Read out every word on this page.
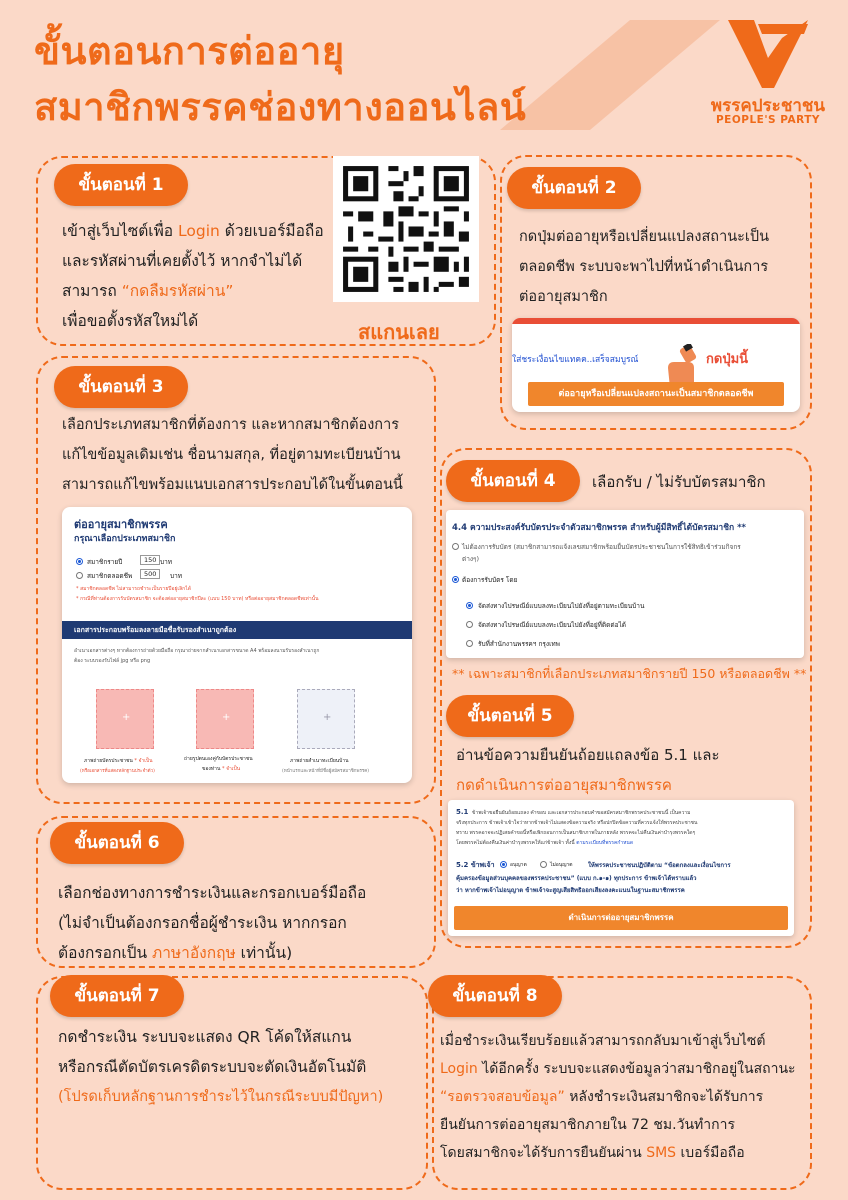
ขั้นตอนการต่ออายุ
สมาชิกพรรคช่องทางออนไลน์	พรรคประชาชน
PEOPLE'S PARTY
ขั้นตอนที่ 1
เข้าสู่เว็บไซต์เพื่อ Login ด้วยเบอร์มือถือ
และรหัสผ่านที่เคยตั้งไว้ หากจำไม่ได้
สามารถ “กดลืมรหัสผ่าน”
เพื่อขอตั้งรหัสใหม่ได้	สแกนเลย
ขั้นตอนที่ 2
กดปุ่มต่ออายุหรือเปลี่ยนแปลงสถานะเป็น
ตลอดชีพ ระบบจะพาไปที่หน้าดำเนินการ
ต่ออายุสมาชิก
ใส่ชระเงื่อนไขแทคค..เสร็จสมบูรณ์	กดปุ่มนี้
ต่ออายุหรือเปลี่ยนแปลงสถานะเป็นสมาชิกตลอดชีพ
ขั้นตอนที่ 3
เลือกประเภทสมาชิกที่ต้องการ และหากสมาชิกต้องการ
แก้ไขข้อมูลเดิมเช่น ชื่อนามสกุล, ที่อยู่ตามทะเบียนบ้าน
สามารถแก้ไขพร้อมแนบเอกสารประกอบได้ในขั้นตอนนี้
ต่ออายุสมาชิกพรรค
กรุณาเลือกประเภทสมาชิก
สมาชิกรายปี	150 บาท
สมาชิกตลอดชีพ	500	บาท
* สมาชิกตลอดชีพ ไม่สามารถชำระเป็นรายปีอยู่เลิกได้
* กรณีที่ท่านต้องการรับบัตรสมาชิก จะต้องต่ออายุสมาชิกปีละ (แบบ 150 บาท) หรือต่ออายุสมาชิกตลอดชีพเท่านั้น
เอกสารประกอบพร้อมลงลายมือชื่อรับรองสำเนาถูกต้อง
อำเนาเอกสารต่างๆ หากต้องการถ่ายด้วยมือถือ กรุณาถ่ายจากสำเนาเอกสารขนาด A4 พร้อมลงนามรับรองสำเนาถูก
ต้อง ระบบรองรับไฟล์ jpg หรือ png
+	+	+
ภาพถ่ายบัตรประชาชน * จำเป็น
(หรือเอกสารที่แสดงหลักฐานประจำตัว)
ถ่ายรูปตนเองคู่กับบัตรประชาชน
ของท่าน * จำเป็น
ภาพถ่ายสำเนาทะเบียนบ้าน
(หน้าแรกและหน้าที่มีชื่อผู้สมัครสมาชิกพรรค)
ขั้นตอนที่ 4	เลือกรับ / ไม่รับบัตรสมาชิก
4.4 ความประสงค์รับบัตรประจำตัวสมาชิกพรรค สำหรับผู้มีสิทธิ์ได้บัตรสมาชิก **
ไม่ต้องการรับบัตร (สมาชิกสามารถแจ้งเลขสมาชิกพร้อมยื่นบัตรประชาชนในการใช้สิทธิเข้าร่วมกิจกร
ต่างๆ)
ต้องการรับบัตร โดย
จัดส่งทางไปรษณีย์แบบลงทะเบียนไปยังที่อยู่ตามทะเบียนบ้าน
จัดส่งทางไปรษณีย์แบบลงทะเบียนไปยังที่อยู่ที่ติดต่อได้
รับที่สำนักงานพรรคฯ กรุงเทพ
** เฉพาะสมาชิกที่เลือกประเภทสมาชิกรายปี 150 หรือตลอดชีพ **
ขั้นตอนที่ 5
อ่านข้อความยืนยันถ้อยแถลงข้อ 5.1 และ
กดดำเนินการต่ออายุสมาชิกพรรค
5.1 ข้าพเจ้าขอยืนยันถ้อยแถลง คำขอบ และเอกสารประกอบคำขอสมัครสมาชิกพรรคประชาชนนี้ เป็นความ
จริงทุกประการ ข้าพเจ้าเข้าใจว่าหากข้าพเจ้าไม่แสดงข้อความจริง หรือปกปิดข้อความที่ควรแจ้งให้พรรคประชาชน
ทราบ พรรคอาจจะปฏิเสธคำขอนี้หรือเพิกถอนการเป็นสมาชิกภาพในภายหลัง พรรคจะไม่คืนเงินค่าบำรุงพรรคใดๆ
โดยพรรคไม่ต้องคืนเงินค่าบำรุงพรรคให้แก่ข้าพเจ้า ทั้งนี้ ตามระเบียบที่พรรคกำหนด
5.2 ข้าพเจ้า	อนุญาต	ไม่อนุญาต	ให้พรรคประชาชนปฏิบัติตาม “ข้อตกลงและเงื่อนไขการ
คุ้มครองข้อมูลส่วนบุคคลของพรรคประชาชน” (แบบ ก.๑-๑) ทุกประการ ข้าพเจ้าได้ทราบแล้ว
ว่า หากข้าพเจ้าไม่อนุญาต ข้าพเจ้าจะสูญเสียสิทธิออกเสียงลงคะแนนในฐานะสมาชิกพรรค
ดำเนินการต่ออายุสมาชิกพรรค
ขั้นตอนที่ 6
เลือกช่องทางการชำระเงินและกรอกเบอร์มือถือ
(ไม่จำเป็นต้องกรอกชื่อผู้ชำระเงิน หากกรอก
ต้องกรอกเป็น ภาษาอังกฤษ เท่านั้น)
ขั้นตอนที่ 7
กดชำระเงิน ระบบจะแสดง QR โค้ดให้สแกน
หรือกรณีตัดบัตรเครดิตระบบจะตัดเงินอัตโนมัติ
(โปรดเก็บหลักฐานการชำระไว้ในกรณีระบบมีปัญหา)
ขั้นตอนที่ 8
เมื่อชำระเงินเรียบร้อยแล้วสามารถกลับมาเข้าสู่เว็บไซต์
Login ได้อีกครั้ง ระบบจะแสดงข้อมูลว่าสมาชิกอยู่ในสถานะ
“รอตรวจสอบข้อมูล” หลังชำระเงินสมาชิกจะได้รับการ
ยืนยันการต่ออายุสมาชิกภายใน 72 ชม.วันทำการ
โดยสมาชิกจะได้รับการยืนยันผ่าน SMS เบอร์มือถือ
